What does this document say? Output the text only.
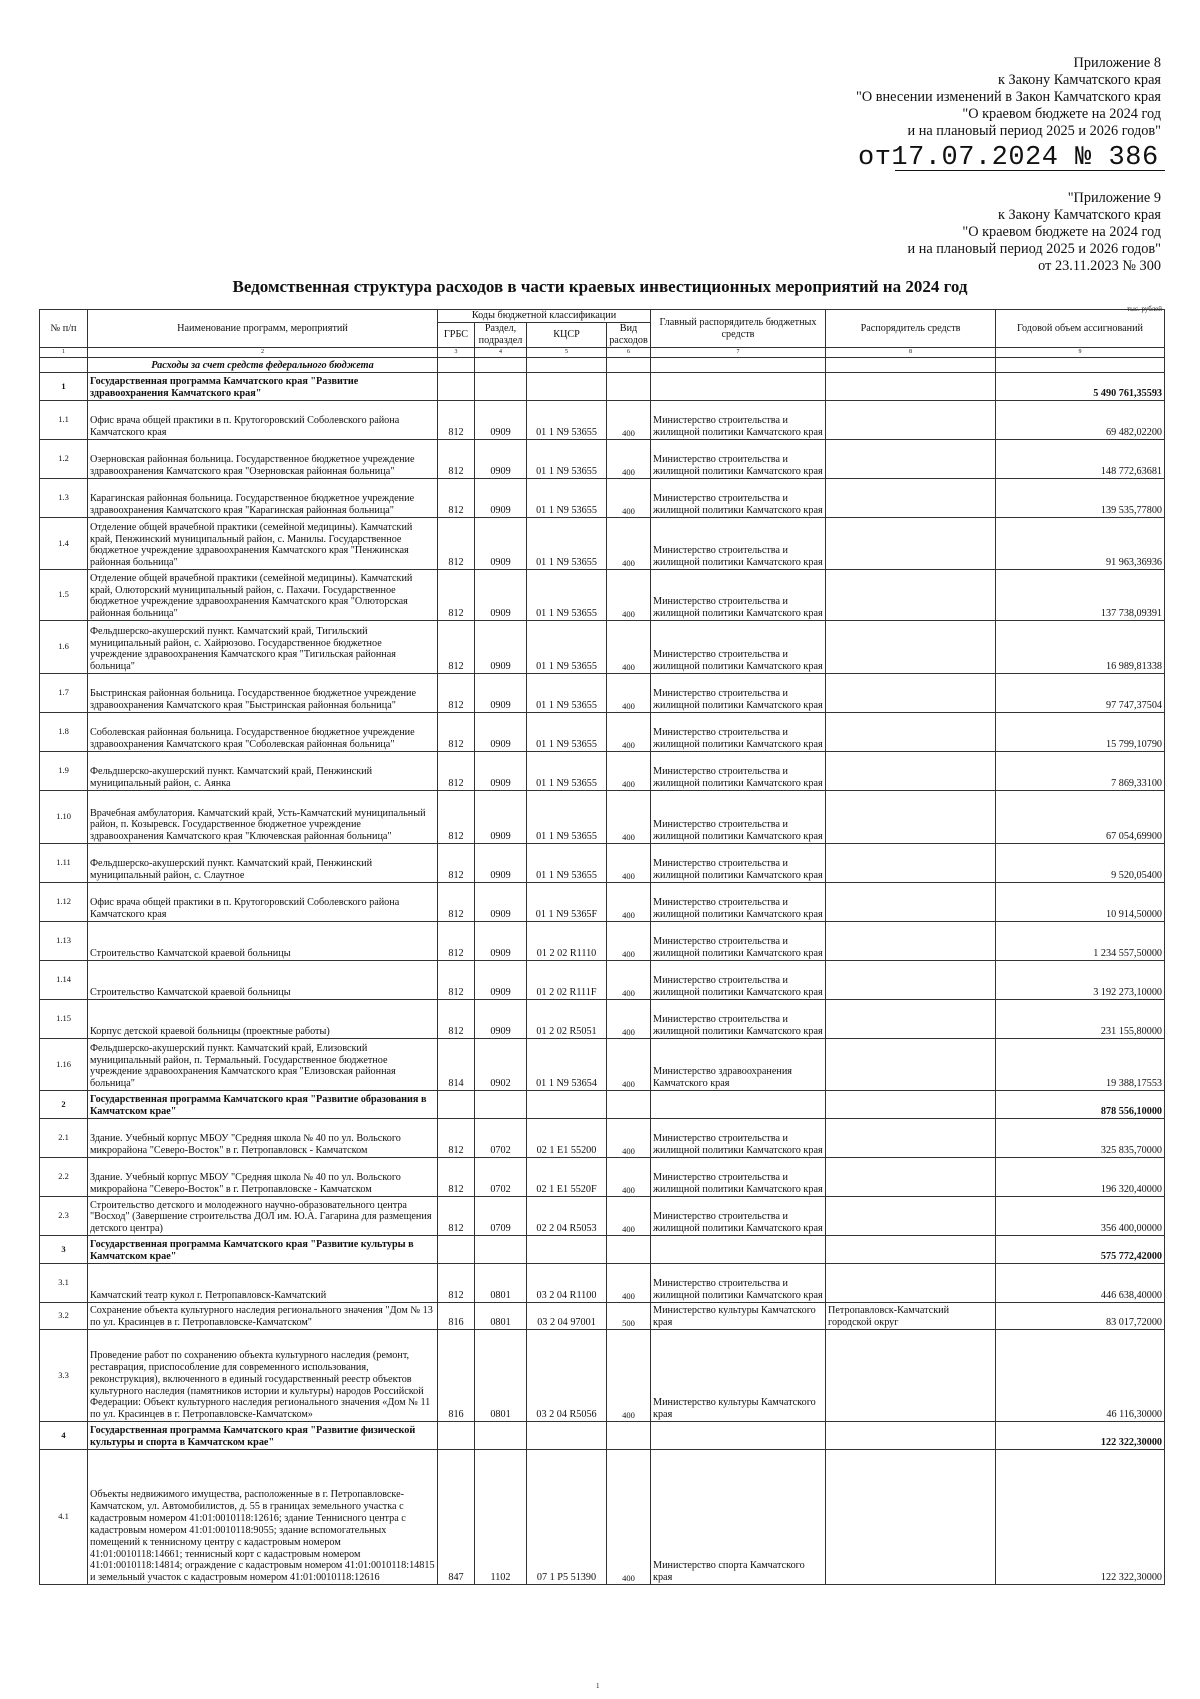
Приложение 8
к Закону Камчатского края
"О внесении изменений в Закон Камчатского края
"О краевом бюджете на 2024 год
и на плановый период 2025 и 2026 годов"
от17.07.2024 № 386
"Приложение 9
к Закону Камчатского края
"О краевом бюджете на 2024 год
и на плановый период 2025 и 2026 годов"
от 23.11.2023 № 300
Ведомственная структура расходов в части краевых инвестиционных мероприятий на 2024 год
тыс. рублей
№ п/п	Наименование программ, мероприятий	Коды бюджетной классификации				Главный распорядитель бюджетных средств	Распорядитель средств	Годовой объем ассигнований
		ГРБС	Раздел, подраздел	КЦСР	Вид расходов			
1	2	3	4	5	6	7	8	9
	Расходы за счет средств федерального бюджета							
1	Государственная программа Камчатского края "Развитие здравоохранения Камчатского края"							5 490 761,35593
1.1	Офис врача общей практики в п. Крутогоровский Соболевского района Камчатского края	812	0909	01 1 N9 53655	400	Министерство строительства и жилищной политики Камчатского края		69 482,02200
1.2	Озерновская районная больница. Государственное бюджетное учреждение здравоохранения Камчатского края "Озерновская районная больница"	812	0909	01 1 N9 53655	400	Министерство строительства и жилищной политики Камчатского края		148 772,63681
1.3	Карагинская районная больница. Государственное бюджетное учреждение здравоохранения Камчатского края "Карагинская районная больница"	812	0909	01 1 N9 53655	400	Министерство строительства и жилищной политики Камчатского края		139 535,77800
1.4	Отделение общей врачебной практики (семейной медицины). Камчатский край, Пенжинский муниципальный район, с. Манилы. Государственное бюджетное учреждение здравоохранения Камчатского края "Пенжинская районная больница"	812	0909	01 1 N9 53655	400	Министерство строительства и жилищной политики Камчатского края		91 963,36936
1.5	Отделение общей врачебной практики (семейной медицины). Камчатский край, Олюторский муниципальный район, с. Пахачи. Государственное бюджетное учреждение здравоохранения Камчатского края "Олюторская районная больница"	812	0909	01 1 N9 53655	400	Министерство строительства и жилищной политики Камчатского края		137 738,09391
1.6	Фельдшерско-акушерский пункт. Камчатский край, Тигильский муниципальный район, с. Хайрюзово. Государственное бюджетное учреждение здравоохранения Камчатского края "Тигильская районная больница"	812	0909	01 1 N9 53655	400	Министерство строительства и жилищной политики Камчатского края		16 989,81338
1.7	Быстринская районная больница. Государственное бюджетное учреждение здравоохранения Камчатского края "Быстринская районная больница"	812	0909	01 1 N9 53655	400	Министерство строительства и жилищной политики Камчатского края		97 747,37504
1.8	Соболевская районная больница. Государственное бюджетное учреждение здравоохранения Камчатского края "Соболевская районная больница"	812	0909	01 1 N9 53655	400	Министерство строительства и жилищной политики Камчатского края		15 799,10790
1.9	Фельдшерско-акушерский пункт. Камчатский край, Пенжинский муниципальный район, с. Аянка	812	0909	01 1 N9 53655	400	Министерство строительства и жилищной политики Камчатского края		7 869,33100
1.10	Врачебная амбулатория. Камчатский край, Усть-Камчатский муниципальный район, п. Козыревск. Государственное бюджетное учреждение здравоохранения Камчатского края "Ключевская районная больница"	812	0909	01 1 N9 53655	400	Министерство строительства и жилищной политики Камчатского края		67 054,69900
1.11	Фельдшерско-акушерский пункт. Камчатский край, Пенжинский муниципальный район, с. Слаутное	812	0909	01 1 N9 53655	400	Министерство строительства и жилищной политики Камчатского края		9 520,05400
1.12	Офис врача общей практики в п. Крутогоровский Соболевского района Камчатского края	812	0909	01 1 N9 5365F	400	Министерство строительства и жилищной политики Камчатского края		10 914,50000
1.13	Строительство Камчатской краевой больницы	812	0909	01 2 02 R1110	400	Министерство строительства и жилищной политики Камчатского края		1 234 557,50000
1.14	Строительство Камчатской краевой больницы	812	0909	01 2 02 R111F	400	Министерство строительства и жилищной политики Камчатского края		3 192 273,10000
1.15	Корпус детской краевой больницы (проектные работы)	812	0909	01 2 02 R5051	400	Министерство строительства и жилищной политики Камчатского края		231 155,80000
1.16	Фельдшерско-акушерский пункт. Камчатский край, Елизовский муниципальный район, п. Термальный. Государственное бюджетное учреждение здравоохранения Камчатского края "Елизовская районная больница"	814	0902	01 1 N9 53654	400	Министерство здравоохранения Камчатского края		19 388,17553
2	Государственная программа Камчатского края "Развитие образования в Камчатском крае"							878 556,10000
2.1	Здание. Учебный корпус МБОУ "Средняя школа № 40 по ул. Вольского микрорайона "Северо-Восток" в г. Петропавловск - Камчатском	812	0702	02 1 E1 55200	400	Министерство строительства и жилищной политики Камчатского края		325 835,70000
2.2	Здание. Учебный корпус МБОУ "Средняя школа № 40 по ул. Вольского микрорайона "Северо-Восток" в г. Петропавловске - Камчатском	812	0702	02 1 E1 5520F	400	Министерство строительства и жилищной политики Камчатского края		196 320,40000
2.3	Строительство детского и молодежного научно-образовательного центра "Восход" (Завершение строительства ДОЛ им. Ю.А. Гагарина для размещения детского центра)	812	0709	02 2 04 R5053	400	Министерство строительства и жилищной политики Камчатского края		356 400,00000
3	Государственная программа Камчатского края "Развитие культуры в Камчатском крае"							575 772,42000
3.1	Камчатский театр кукол г. Петропавловск-Камчатский	812	0801	03 2 04 R1100	400	Министерство строительства и жилищной политики Камчатского края		446 638,40000
3.2	Сохранение объекта культурного наследия регионального значения "Дом № 13 по ул. Красинцев в г. Петропавловске-Камчатском"	816	0801	03 2 04 97001	500	Министерство культуры Камчатского края	Петропавловск-Камчатский городской округ	83 017,72000
3.3	Проведение работ по сохранению объекта культурного наследия (ремонт, реставрация, приспособление для современного использования, реконструкция), включенного в единый государственный реестр объектов культурного наследия (памятников истории и культуры) народов Российской Федерации: Объект культурного наследия регионального значения «Дом № 11 по ул. Красинцев в г. Петропавловске-Камчатском»	816	0801	03 2 04 R5056	400	Министерство культуры Камчатского края		46 116,30000
4	Государственная программа Камчатского края "Развитие физической культуры и спорта в Камчатском крае"							122 322,30000
4.1	Объекты недвижимого имущества, расположенные в г. Петропавловске-Камчатском, ул. Автомобилистов, д. 55 в границах земельного участка с кадастровым номером 41:01:0010118:12616; здание Теннисного центра с кадастровым номером 41:01:0010118:9055; здание вспомогательных помещений к теннисному центру с кадастровым номером 41:01:0010118:14661; теннисный корт с кадастровым номером 41:01:0010118:14814; ограждение с кадастровым номером 41:01:0010118:14815 и земельный участок с кадастровым номером 41:01:0010118:12616	847	1102	07 1 P5 51390	400	Министерство спорта Камчатского края		122 322,30000
1
